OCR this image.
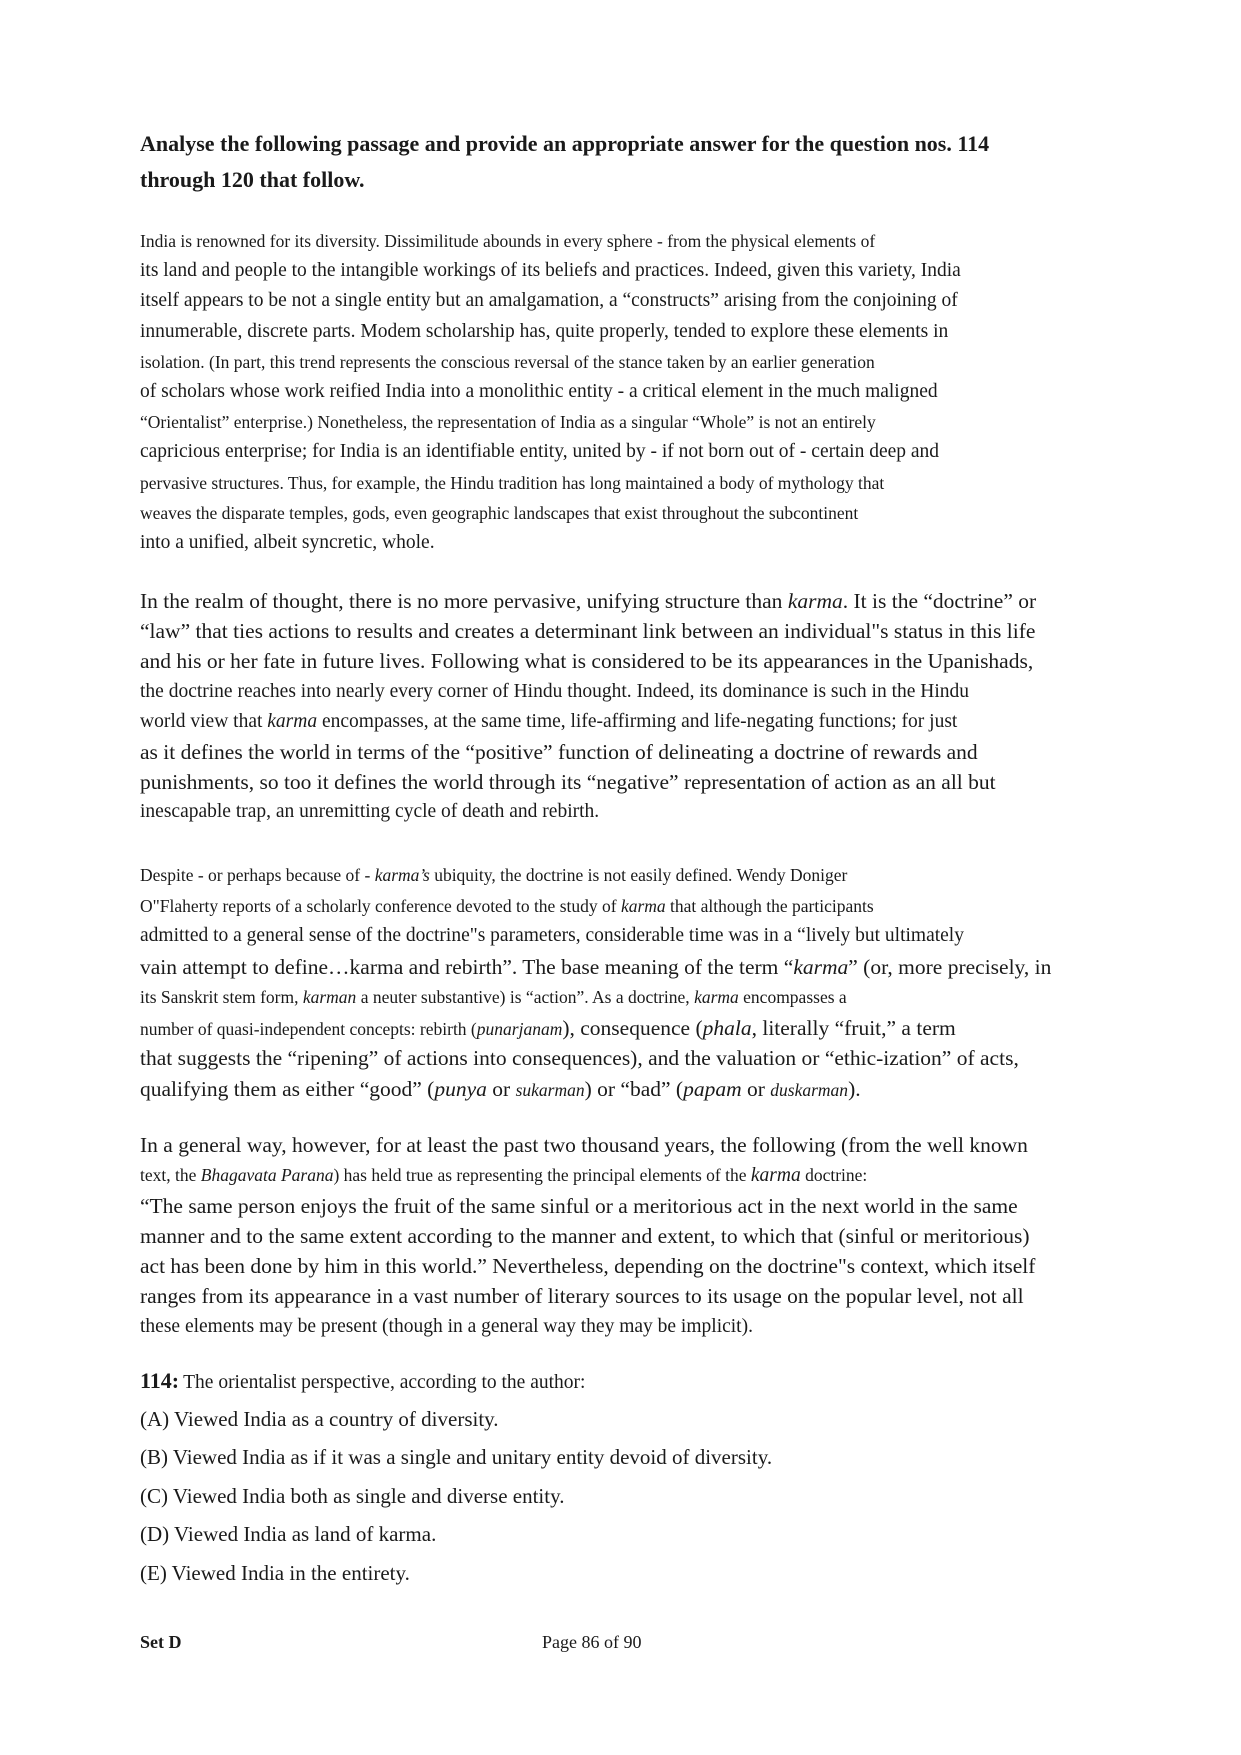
Analyse the following passage and provide an appropriate answer for the question nos. 114
through 120 that follow.

India is renowned for its diversity. Dissimilitude abounds in every sphere - from the physical elements of
its land and people to the intangible workings of its beliefs and practices. Indeed, given this variety, India
itself appears to be not a single entity but an amalgamation, a “constructs” arising from the conjoining of
innumerable, discrete parts. Modem scholarship has, quite properly, tended to explore these elements in
isolation. (In part, this trend represents the conscious reversal of the stance taken by an earlier generation
of scholars whose work reified India into a monolithic entity - a critical element in the much maligned
“Orientalist” enterprise.) Nonetheless, the representation of India as a singular “Whole” is not an entirely
capricious enterprise; for India is an identifiable entity, united by - if not born out of - certain deep and
pervasive structures. Thus, for example, the Hindu tradition has long maintained a body of mythology that
weaves the disparate temples, gods, even geographic landscapes that exist throughout the subcontinent
into a unified, albeit syncretic, whole.

In the realm of thought, there is no more pervasive, unifying structure than karma. It is the “doctrine” or
“law” that ties actions to results and creates a determinant link between an individual"s status in this life
and his or her fate in future lives. Following what is considered to be its appearances in the Upanishads,
the doctrine reaches into nearly every corner of Hindu thought. Indeed, its dominance is such in the Hindu
world view that karma encompasses, at the same time, life-affirming and life-negating functions; for just
as it defines the world in terms of the “positive” function of delineating a doctrine of rewards and
punishments, so too it defines the world through its “negative” representation of action as an all but
inescapable trap, an unremitting cycle of death and rebirth.

Despite - or perhaps because of - karma’s ubiquity, the doctrine is not easily defined. Wendy Doniger
O"Flaherty reports of a scholarly conference devoted to the study of karma that although the participants
admitted to a general sense of the doctrine"s parameters, considerable time was in a “lively but ultimately
vain attempt to define…karma and rebirth”. The base meaning of the term “karma” (or, more precisely, in
its Sanskrit stem form, karman a neuter substantive) is “action”. As a doctrine, karma encompasses a
number of quasi-independent concepts: rebirth (punarjanam), consequence (phala, literally “fruit,” a term
that suggests the “ripening” of actions into consequences), and the valuation or “ethic-ization” of acts,
qualifying them as either “good” (punya or sukarman) or “bad” (papam or duskarman).

In a general way, however, for at least the past two thousand years, the following (from the well known
text, the Bhagavata Parana) has held true as representing the principal elements of the karma doctrine:
“The same person enjoys the fruit of the same sinful or a meritorious act in the next world in the same
manner and to the same extent according to the manner and extent, to which that (sinful or meritorious)
act has been done by him in this world.” Nevertheless, depending on the doctrine"s context, which itself
ranges from its appearance in a vast number of literary sources to its usage on the popular level, not all
these elements may be present (though in a general way they may be implicit).

114: The orientalist perspective, according to the author:
(A) Viewed India as a country of diversity.
(B) Viewed India as if it was a single and unitary entity devoid of diversity.
(C) Viewed India both as single and diverse entity.
(D) Viewed India as land of karma.
(E) Viewed India in the entirety.
Set D	Page 86 of 90
